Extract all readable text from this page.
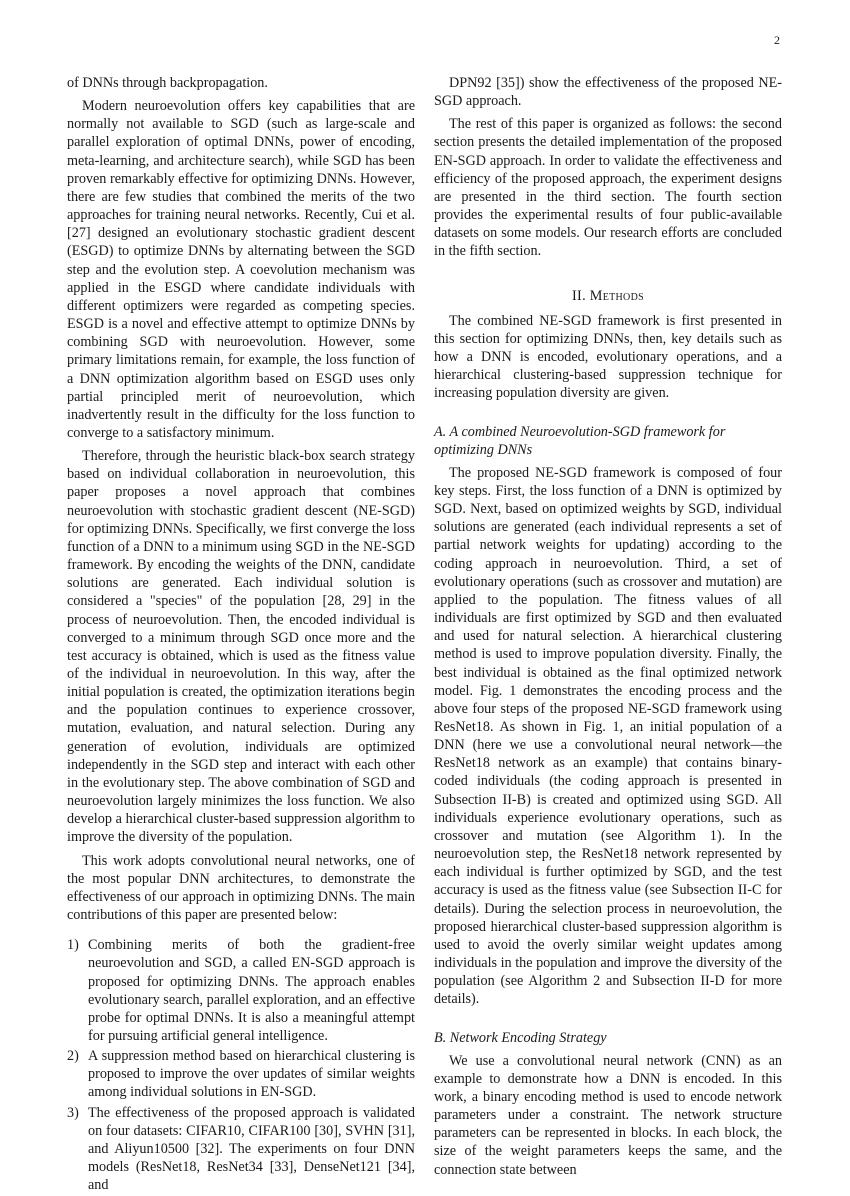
2

of DNNs through backpropagation.

Modern neuroevolution offers key capabilities that are normally not available to SGD (such as large-scale and parallel exploration of optimal DNNs, power of encoding, meta-learning, and architecture search), while SGD has been proven remarkably effective for optimizing DNNs. However, there are few studies that combined the merits of the two approaches for training neural networks. Recently, Cui et al. [27] designed an evolutionary stochastic gradient descent (ESGD) to optimize DNNs by alternating between the SGD step and the evolution step. A coevolution mechanism was applied in the ESGD where candidate individuals with different optimizers were regarded as competing species. ESGD is a novel and effective attempt to optimize DNNs by combining SGD with neuroevolution. However, some primary limitations remain, for example, the loss function of a DNN optimization algorithm based on ESGD uses only partial principled merit of neuroevolution, which inadvertently result in the difficulty for the loss function to converge to a satisfactory minimum.

Therefore, through the heuristic black-box search strategy based on individual collaboration in neuroevolution, this paper proposes a novel approach that combines neuroevolution with stochastic gradient descent (NE-SGD) for optimizing DNNs. Specifically, we first converge the loss function of a DNN to a minimum using SGD in the NE-SGD framework. By encoding the weights of the DNN, candidate solutions are generated. Each individual solution is considered a "species" of the population [28, 29] in the process of neuroevolution. Then, the encoded individual is converged to a minimum through SGD once more and the test accuracy is obtained, which is used as the fitness value of the individual in neuroevolution. In this way, after the initial population is created, the optimization iterations begin and the population continues to experience crossover, mutation, evaluation, and natural selection. During any generation of evolution, individuals are optimized independently in the SGD step and interact with each other in the evolutionary step. The above combination of SGD and neuroevolution largely minimizes the loss function. We also develop a hierarchical cluster-based suppression algorithm to improve the diversity of the population.

This work adopts convolutional neural networks, one of the most popular DNN architectures, to demonstrate the effectiveness of our approach in optimizing DNNs. The main contributions of this paper are presented below:

1) Combining merits of both the gradient-free neuroevolution and SGD, a called EN-SGD approach is proposed for optimizing DNNs. The approach enables evolutionary search, parallel exploration, and an effective probe for optimal DNNs. It is also a meaningful attempt for pursuing artificial general intelligence.
2) A suppression method based on hierarchical clustering is proposed to improve the over updates of similar weights among individual solutions in EN-SGD.
3) The effectiveness of the proposed approach is validated on four datasets: CIFAR10, CIFAR100 [30], SVHN [31], and Aliyun10500 [32]. The experiments on four DNN models (ResNet18, ResNet34 [33], DenseNet121 [34], and

DPN92 [35]) show the effectiveness of the proposed NE-SGD approach.

The rest of this paper is organized as follows: the second section presents the detailed implementation of the proposed EN-SGD approach. In order to validate the effectiveness and efficiency of the proposed approach, the experiment designs are presented in the third section. The fourth section provides the experimental results of four public-available datasets on some models. Our research efforts are concluded in the fifth section.

II. Methods

The combined NE-SGD framework is first presented in this section for optimizing DNNs, then, key details such as how a DNN is encoded, evolutionary operations, and a hierarchical clustering-based suppression technique for increasing population diversity are given.

A. A combined Neuroevolution-SGD framework for optimizing DNNs

The proposed NE-SGD framework is composed of four key steps. First, the loss function of a DNN is optimized by SGD. Next, based on optimized weights by SGD, individual solutions are generated (each individual represents a set of partial network weights for updating) according to the coding approach in neuroevolution. Third, a set of evolutionary operations (such as crossover and mutation) are applied to the population. The fitness values of all individuals are first optimized by SGD and then evaluated and used for natural selection. A hierarchical clustering method is used to improve population diversity. Finally, the best individual is obtained as the final optimized network model. Fig. 1 demonstrates the encoding process and the above four steps of the proposed NE-SGD framework using ResNet18. As shown in Fig. 1, an initial population of a DNN (here we use a convolutional neural network—the ResNet18 network as an example) that contains binary-coded individuals (the coding approach is presented in Subsection II-B) is created and optimized using SGD. All individuals experience evolutionary operations, such as crossover and mutation (see Algorithm 1). In the neuroevolution step, the ResNet18 network represented by each individual is further optimized by SGD, and the test accuracy is used as the fitness value (see Subsection II-C for details). During the selection process in neuroevolution, the proposed hierarchical cluster-based suppression algorithm is used to avoid the overly similar weight updates among individuals in the population and improve the diversity of the population (see Algorithm 2 and Subsection II-D for more details).

B. Network Encoding Strategy

We use a convolutional neural network (CNN) as an example to demonstrate how a DNN is encoded. In this work, a binary encoding method is used to encode network parameters under a constraint. The network structure parameters can be represented in blocks. In each block, the size of the weight parameters keeps the same, and the connection state between
